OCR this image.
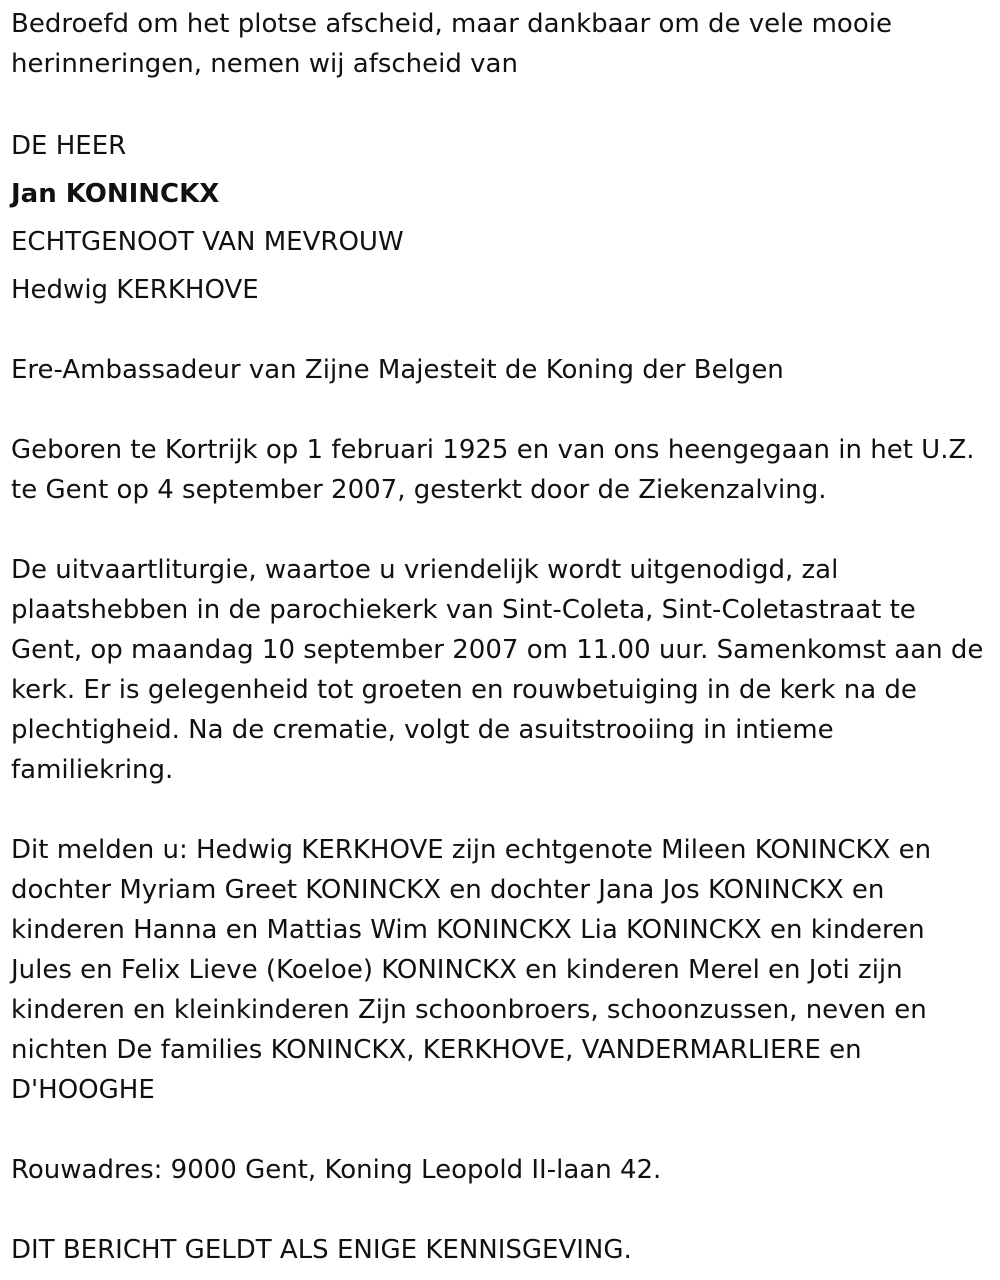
Bedroefd om het plotse afscheid, maar dankbaar om de vele mooie herinneringen, nemen wij afscheid van

DE HEER

Jan KONINCKX

ECHTGENOOT VAN MEVROUW

Hedwig KERKHOVE

Ere-Ambassadeur van Zijne Majesteit de Koning der Belgen

Geboren te Kortrijk op 1 februari 1925 en van ons heengegaan in het U.Z. te Gent op 4 september 2007, gesterkt door de Ziekenzalving.

De uitvaartliturgie, waartoe u vriendelijk wordt uitgenodigd, zal plaatshebben in de parochiekerk van Sint-Coleta, Sint-Coletastraat te Gent, op maandag 10 september 2007 om 11.00 uur. Samenkomst aan de kerk. Er is gelegenheid tot groeten en rouwbetuiging in de kerk na de plechtigheid. Na de crematie, volgt de asuitstrooiing in intieme familiekring.

Dit melden u: Hedwig KERKHOVE zijn echtgenote Mileen KONINCKX en dochter Myriam Greet KONINCKX en dochter Jana Jos KONINCKX en kinderen Hanna en Mattias Wim KONINCKX Lia KONINCKX en kinderen Jules en Felix Lieve (Koeloe) KONINCKX en kinderen Merel en Joti zijn kinderen en kleinkinderen Zijn schoonbroers, schoonzussen, neven en nichten De families KONINCKX, KERKHOVE, VANDERMARLIERE en D'HOOGHE

Rouwadres: 9000 Gent, Koning Leopold II-laan 42.

DIT BERICHT GELDT ALS ENIGE KENNISGEVING.
